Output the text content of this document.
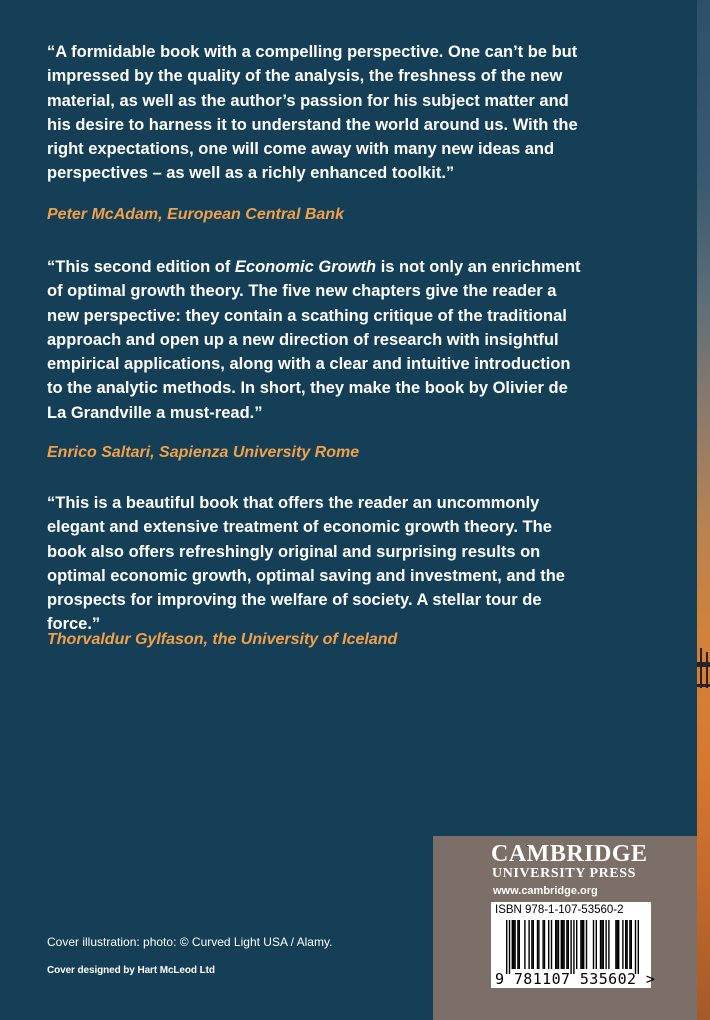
“A formidable book with a compelling perspective. One can’t be but impressed by the quality of the analysis, the freshness of the new material, as well as the author’s passion for his subject matter and his desire to harness it to understand the world around us. With the right expectations, one will come away with many new ideas and perspectives – as well as a richly enhanced toolkit.”

Peter McAdam, European Central Bank

“This second edition of Economic Growth is not only an enrichment of optimal growth theory. The five new chapters give the reader a new perspective: they contain a scathing critique of the traditional approach and open up a new direction of research with insightful empirical applications, along with a clear and intuitive introduction to the analytic methods. In short, they make the book by Olivier de La Grandville a must-read.”

Enrico Saltari, Sapienza University Rome

“This is a beautiful book that offers the reader an uncommonly elegant and extensive treatment of economic growth theory. The book also offers refreshingly original and surprising results on optimal economic growth, optimal saving and investment, and the prospects for improving the welfare of society. A stellar tour de force.”

Thorvaldur Gylfason, the University of Iceland

Cover illustration: photo: © Curved Light USA / Alamy.

Cover designed by Hart McLeod Ltd

CAMBRIDGE

UNIVERSITY PRESS

www.cambridge.org

ISBN 978-1-107-53560-2

9 781107 535602 >
